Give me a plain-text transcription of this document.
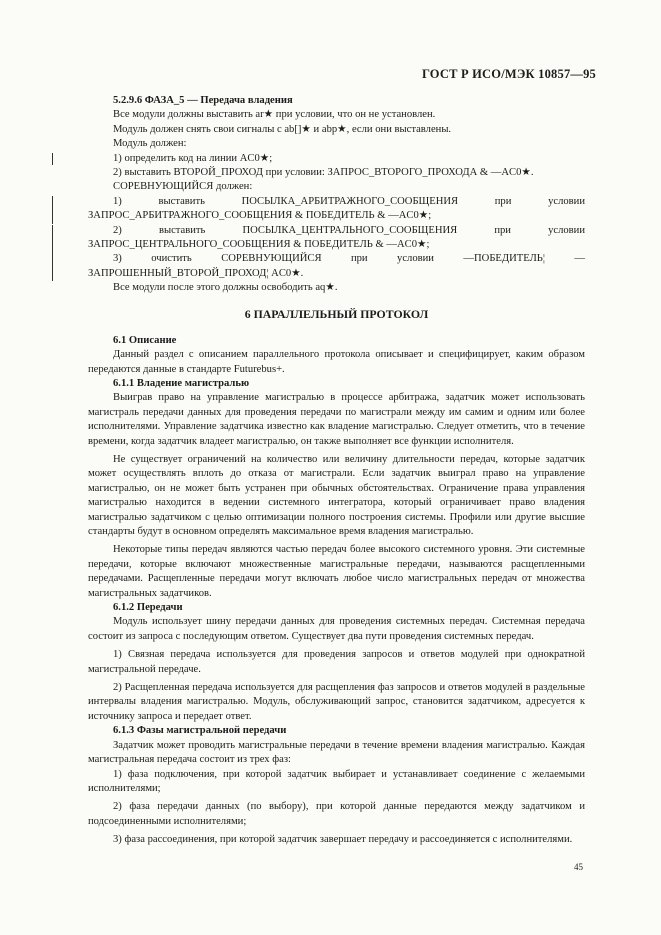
ГОСТ Р ИСО/МЭК 10857—95

5.2.9.6 ФАЗА_5 — Передача владения

Все модули должны выставить ar★ при условии, что он не установлен.

Модуль должен снять свои сигналы с ab[]★ и abp★, если они выставлены.

Модуль должен:

1) определить код на линии AC0★;

2) выставить ВТОРОЙ_ПРОХОД при условии: ЗАПРОС_ВТОРОГО_ПРОХОДА & —AC0★.

СОРЕВНУЮЩИЙСЯ должен:

1) выставить ПОСЫЛКА_АРБИТРАЖНОГО_СООБЩЕНИЯ при условии ЗАПРОС_АРБИТРАЖНОГО_СООБЩЕНИЯ & ПОБЕДИТЕЛЬ & —AC0★;

2) выставить ПОСЫЛКА_ЦЕНТРАЛЬНОГО_СООБЩЕНИЯ при условии ЗАПРОС_ЦЕНТРАЛЬНОГО_СООБЩЕНИЯ & ПОБЕДИТЕЛЬ & —AC0★;

3) очистить СОРЕВНУЮЩИЙСЯ при условии —ПОБЕДИТЕЛЬ¦ —ЗАПРОШЕННЫЙ_ВТОРОЙ_ПРОХОД¦ AC0★.

Все модули после этого должны освободить aq★.

6 ПАРАЛЛЕЛЬНЫЙ ПРОТОКОЛ

6.1 Описание

Данный раздел с описанием параллельного протокола описывает и специфицирует, каким образом передаются данные в стандарте Futurebus+.

6.1.1 Владение магистралью

Выиграв право на управление магистралью в процессе арбитража, задатчик может использовать магистраль передачи данных для проведения передачи по магистрали между им самим и одним или более исполнителями. Управление задатчика известно как владение магистралью. Следует отметить, что в течение времени, когда задатчик владеет магистралью, он также выполняет все функции исполнителя.

Не существует ограничений на количество или величину длительности передач, которые задатчик может осуществлять вплоть до отказа от магистрали. Если задатчик выиграл право на управление магистралью, он не может быть устранен при обычных обстоятельствах. Ограничение права управления магистралью находится в ведении системного интегратора, который ограничивает право владения магистралью задатчиком с целью оптимизации полного построения системы. Профили или другие высшие стандарты будут в основном определять максимальное время владения магистралью.

Некоторые типы передач являются частью передач более высокого системного уровня. Эти системные передачи, которые включают множественные магистральные передачи, называются расщепленными передачами. Расщепленные передачи могут включать любое число магистральных передач от множества магистральных задатчиков.

6.1.2 Передачи

Модуль использует шину передачи данных для проведения системных передач. Системная передача состоит из запроса с последующим ответом. Существует два пути проведения системных передач.

1) Связная передача используется для проведения запросов и ответов модулей при однократной магистральной передаче.

2) Расщепленная передача используется для расщепления фаз запросов и ответов модулей в раздельные интервалы владения магистралью. Модуль, обслуживающий запрос, становится задатчиком, адресуется к источнику запроса и передает ответ.

6.1.3 Фазы магистральной передачи

Задатчик может проводить магистральные передачи в течение времени владения магистралью. Каждая магистральная передача состоит из трех фаз:

1) фаза подключения, при которой задатчик выбирает и устанавливает соединение с желаемыми исполнителями;

2) фаза передачи данных (по выбору), при которой данные передаются между задатчиком и подсоединенными исполнителями;

3) фаза рассоединения, при которой задатчик завершает передачу и рассоединяется с исполнителями.

45
